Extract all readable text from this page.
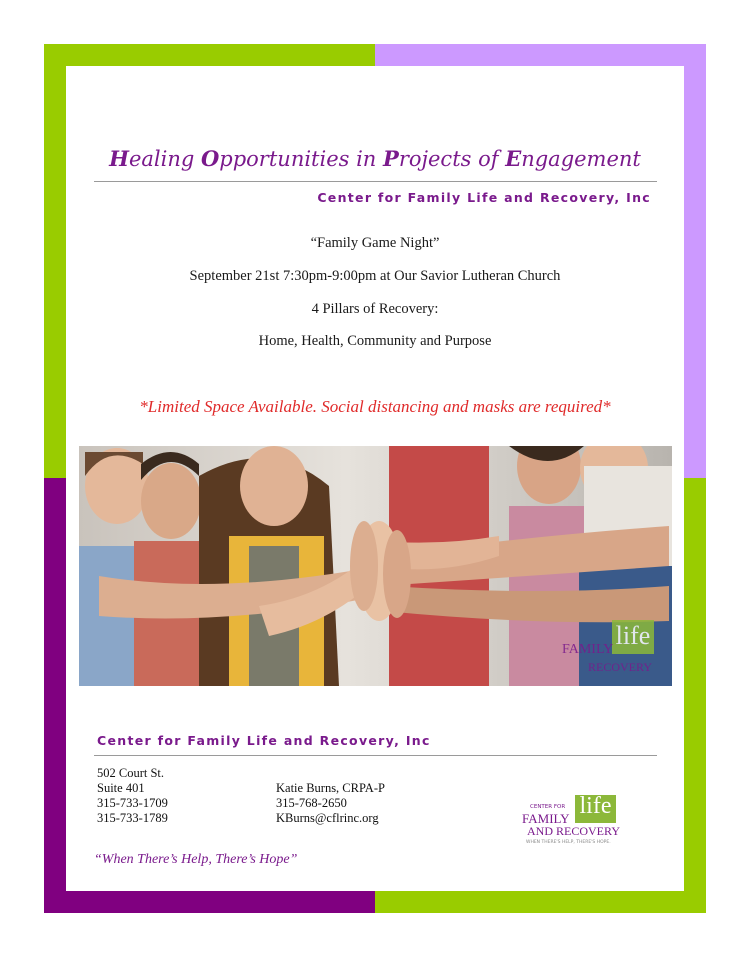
Healing Opportunities in Projects of Engagement
Center for Family Life and Recovery, Inc
“Family Game Night”
September 21st 7:30pm-9:00pm at Our Savior Lutheran Church
4 Pillars of Recovery:
Home, Health, Community and Purpose
*Limited Space Available. Social distancing and masks are required*
life
FAMILY
RECOVERY
Center for Family Life and Recovery, Inc
502 Court St.
Suite 401
315-733-1709
315-733-1789
Katie Burns, CRPA-P
315-768-2650
KBurns@cflrinc.org	life
CENTER FOR
FAMILY
AND RECOVERY
WHEN THERE'S HELP, THERE'S HOPE.
“When There’s Help, There’s Hope”
